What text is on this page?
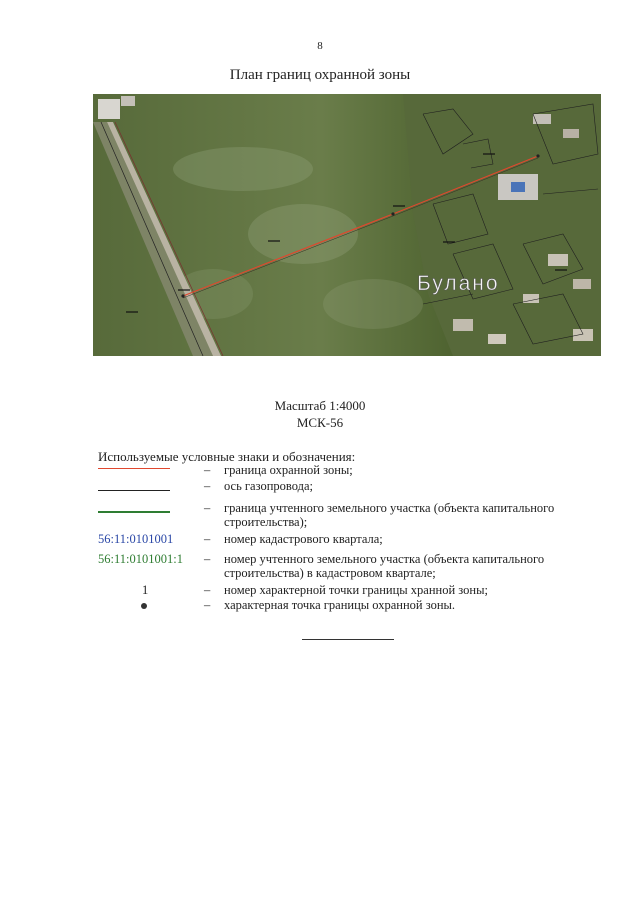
8
План границ охранной зоны
Булано
Масштаб 1:4000
МСК-56
Используемые условные знаки и обозначения:
– граница охранной зоны;
– ось газопровода;
– граница учтенного земельного участка (объекта капитального строительства);
56:11:0101001	– номер кадастрового квартала;
56:11:0101001:1	– номер учтенного земельного участка (объекта капитального строительства) в кадастровом квартале;
1	– номер характерной точки границы хранной зоны;
– характерная точка границы охранной зоны.
